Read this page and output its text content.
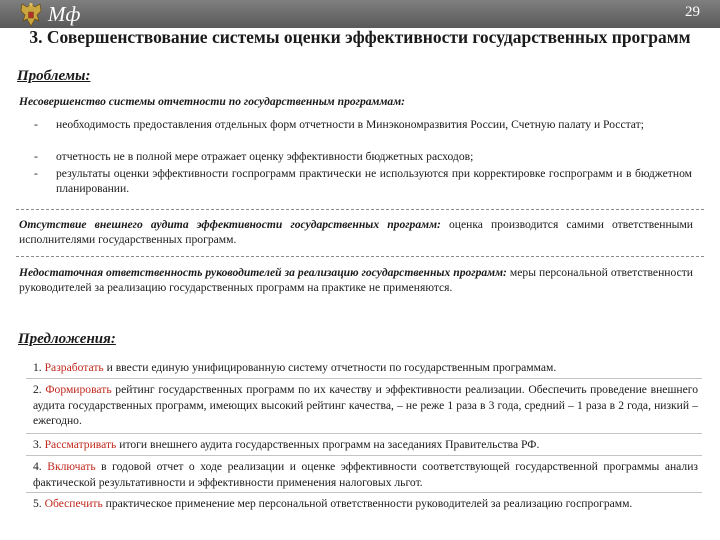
Мф	29
3. Совершенствование системы оценки эффективности государственных программ
Проблемы:
Несовершенство системы отчетности по государственным программам:
- необходимость предоставления отдельных форм отчетности в Минэкономразвития России, Счетную палату и Росстат;
- отчетность не в полной мере отражает оценку эффективности бюджетных расходов;
- результаты оценки эффективности госпрограмм практически не используются при корректировке госпрограмм и в бюджетном планировании.
Отсутствие внешнего аудита эффективности государственных программ: оценка производится самими ответственными исполнителями государственных программ.
Недостаточная ответственность руководителей за реализацию государственных программ: меры персональной ответственности руководителей за реализацию государственных программ на практике не применяются.
Предложения:
1. Разработать и ввести единую унифицированную систему отчетности по государственным программам.
2. Формировать рейтинг государственных программ по их качеству и эффективности реализации. Обеспечить проведение внешнего аудита государственных программ, имеющих высокий рейтинг качества, – не реже 1 раза в 3 года, средний – 1 раза в 2 года, низкий – ежегодно.
3. Рассматривать итоги внешнего аудита государственных программ на заседаниях Правительства РФ.
4. Включать в годовой отчет о ходе реализации и оценке эффективности соответствующей государственной программы анализ фактической результативности и эффективности применения налоговых льгот.
5. Обеспечить практическое применение мер персональной ответственности руководителей за реализацию госпрограмм.
